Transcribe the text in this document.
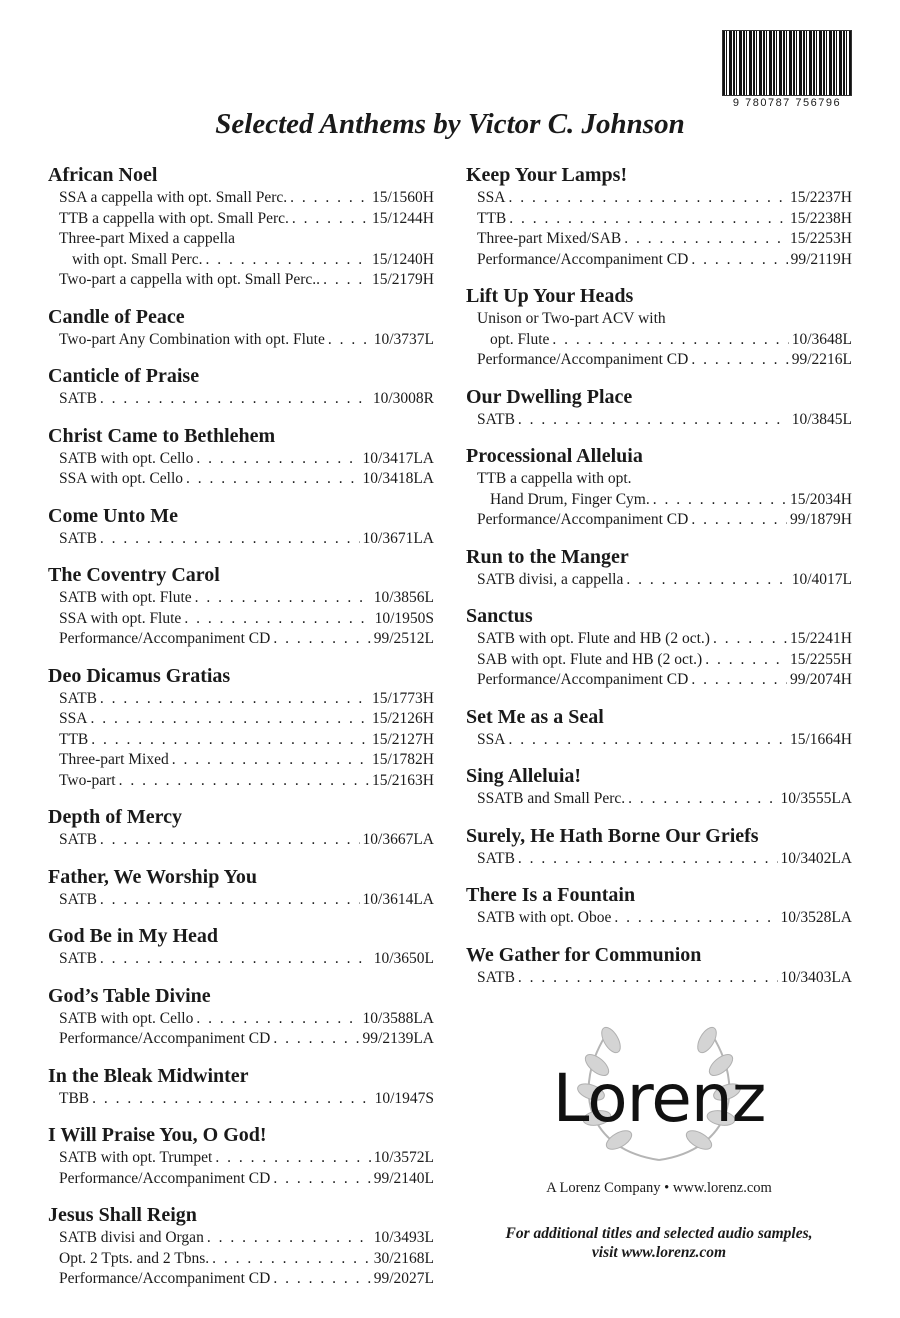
9 780787 756796
Selected Anthems by Victor C. Johnson
African Noel
SSA a cappella with opt. Small Perc. . . .	15/1560H
TTB a cappella with opt. Small Perc. . . .	15/1244H
Three-part Mixed a cappella
with opt. Small Perc. . . .	15/1240H
Two-part a cappella with opt. Small Perc.. . . .	15/2179H
Candle of Peace
Two-part Any Combination with opt. Flute . . .	10/3737L
Canticle of Praise
SATB . . .	10/3008R
Christ Came to Bethlehem
SATB with opt. Cello . . .	10/3417LA
SSA with opt. Cello . . .	10/3418LA
Come Unto Me
SATB . . .	10/3671LA
The Coventry Carol
SATB with opt. Flute . . .	10/3856L
SSA with opt. Flute . . .	10/1950S
Performance/Accompaniment CD . . .	99/2512L
Deo Dicamus Gratias
SATB . . .	15/1773H
SSA . . .	15/2126H
TTB . . .	15/2127H
Three-part Mixed . . .	15/1782H
Two-part . . .	15/2163H
Depth of Mercy
SATB . . .	10/3667LA
Father, We Worship You
SATB . . .	10/3614LA
God Be in My Head
SATB . . .	10/3650L
God’s Table Divine
SATB with opt. Cello . . .	10/3588LA
Performance/Accompaniment CD . . .	99/2139LA
In the Bleak Midwinter
TBB . . .	10/1947S
I Will Praise You, O God!
SATB with opt. Trumpet . . .	10/3572L
Performance/Accompaniment CD . . .	99/2140L
Jesus Shall Reign
SATB divisi and Organ . . .	10/3493L
Opt. 2 Tpts. and 2 Tbns. . . .	30/2168L
Performance/Accompaniment CD . . .	99/2027L
Keep Your Lamps!
SSA . . .	15/2237H
TTB . . .	15/2238H
Three-part Mixed/SAB . . .	15/2253H
Performance/Accompaniment CD . . .	99/2119H
Lift Up Your Heads
Unison or Two-part ACV with
opt. Flute . . .	10/3648L
Performance/Accompaniment CD . . .	99/2216L
Our Dwelling Place
SATB . . .	10/3845L
Processional Alleluia
TTB a cappella with opt.
Hand Drum, Finger Cym. . . .	15/2034H
Performance/Accompaniment CD . . .	99/1879H
Run to the Manger
SATB divisi, a cappella . . .	10/4017L
Sanctus
SATB with opt. Flute and HB (2 oct.) . . .	15/2241H
SAB with opt. Flute and HB (2 oct.) . . .	15/2255H
Performance/Accompaniment CD . . .	99/2074H
Set Me as a Seal
SSA . . .	15/1664H
Sing Alleluia!
SSATB and Small Perc. . . .	10/3555LA
Surely, He Hath Borne Our Griefs
SATB . . .	10/3402LA
There Is a Fountain
SATB with opt. Oboe . . .	10/3528LA
We Gather for Communion
SATB . . .	10/3403LA
Lorenz
A Lorenz Company • www.lorenz.com
For additional titles and selected audio samples,
visit www.lorenz.com
